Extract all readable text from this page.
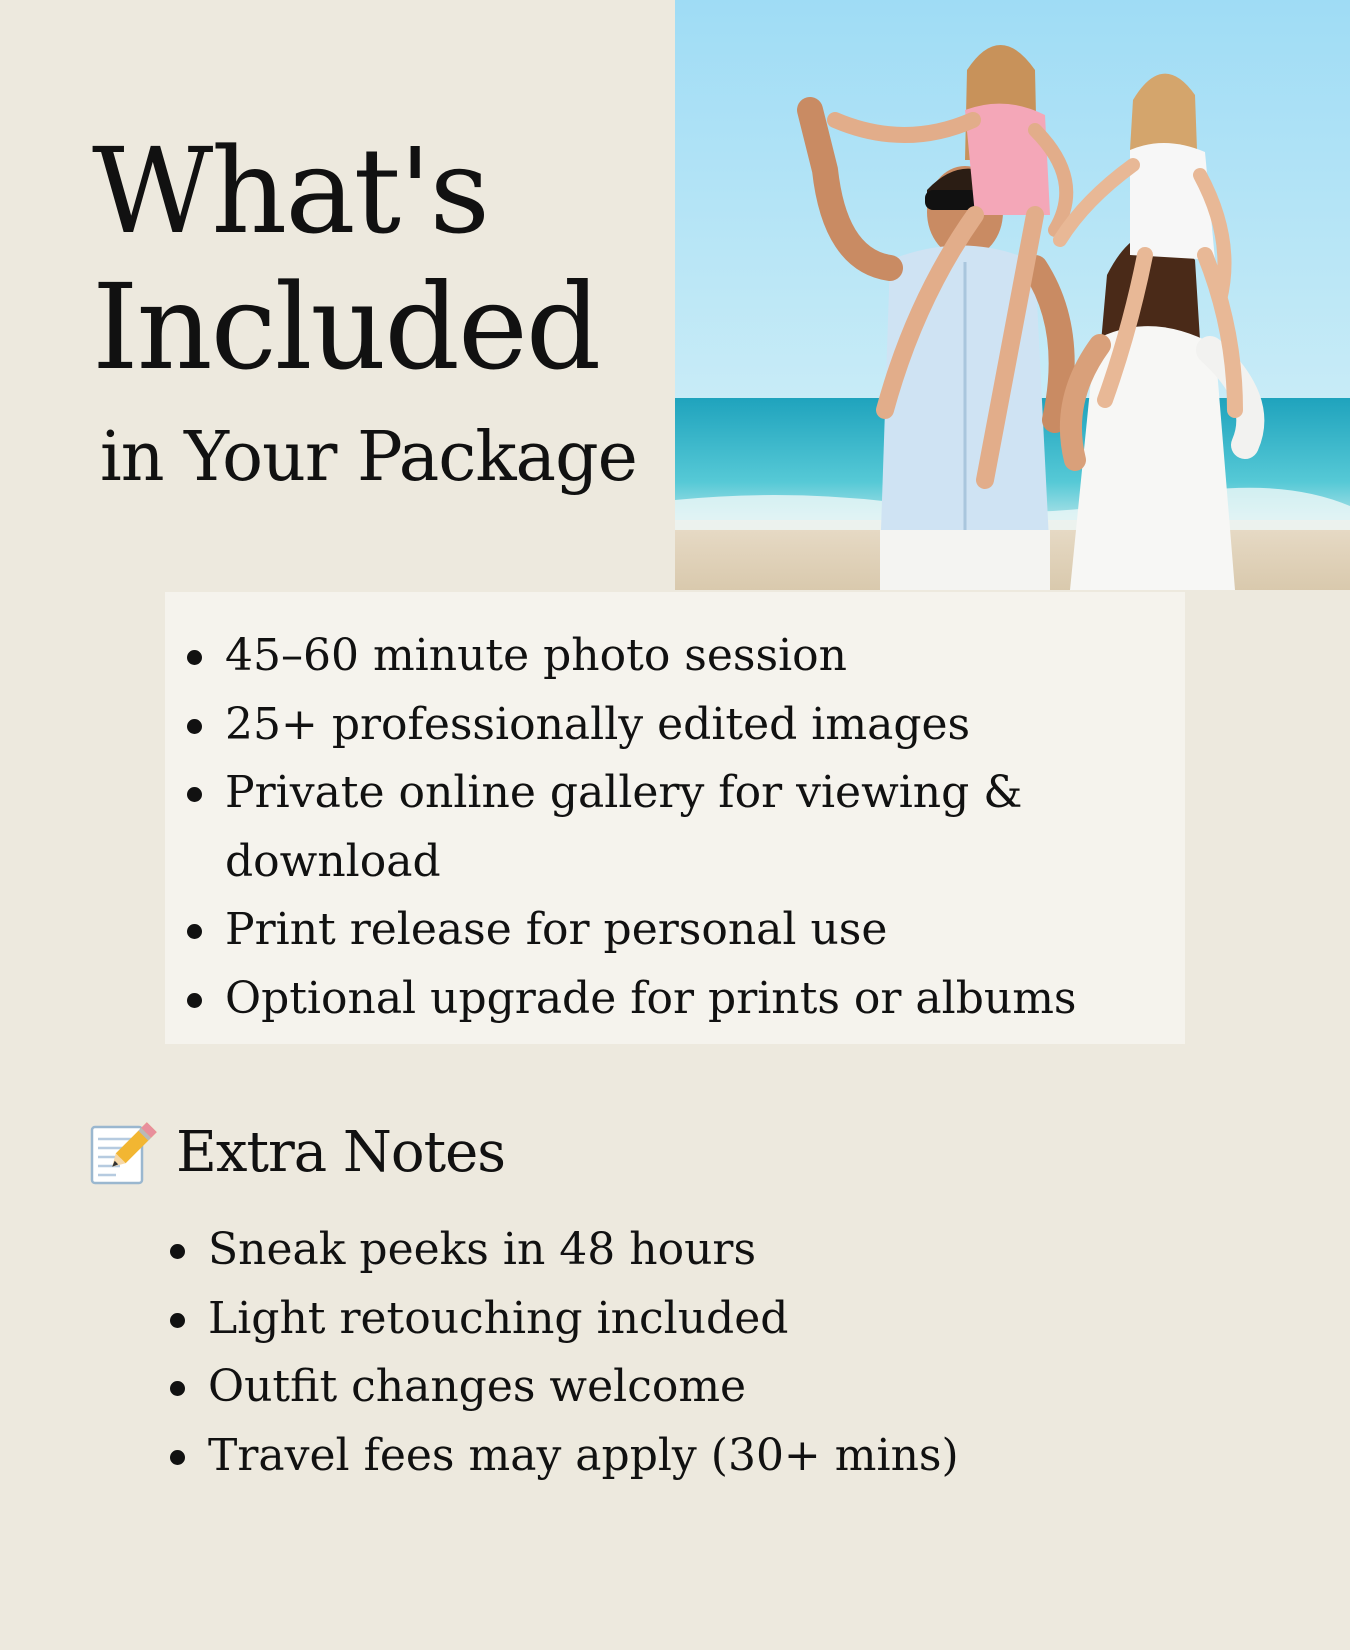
What's
Included
in Your Package
45–60 minute photo session
25+ professionally edited images
Private online gallery for viewing & download
Print release for personal use
Optional upgrade for prints or albums
Extra Notes
Sneak peeks in 48 hours
Light retouching included
Outfit changes welcome
Travel fees may apply (30+ mins)
